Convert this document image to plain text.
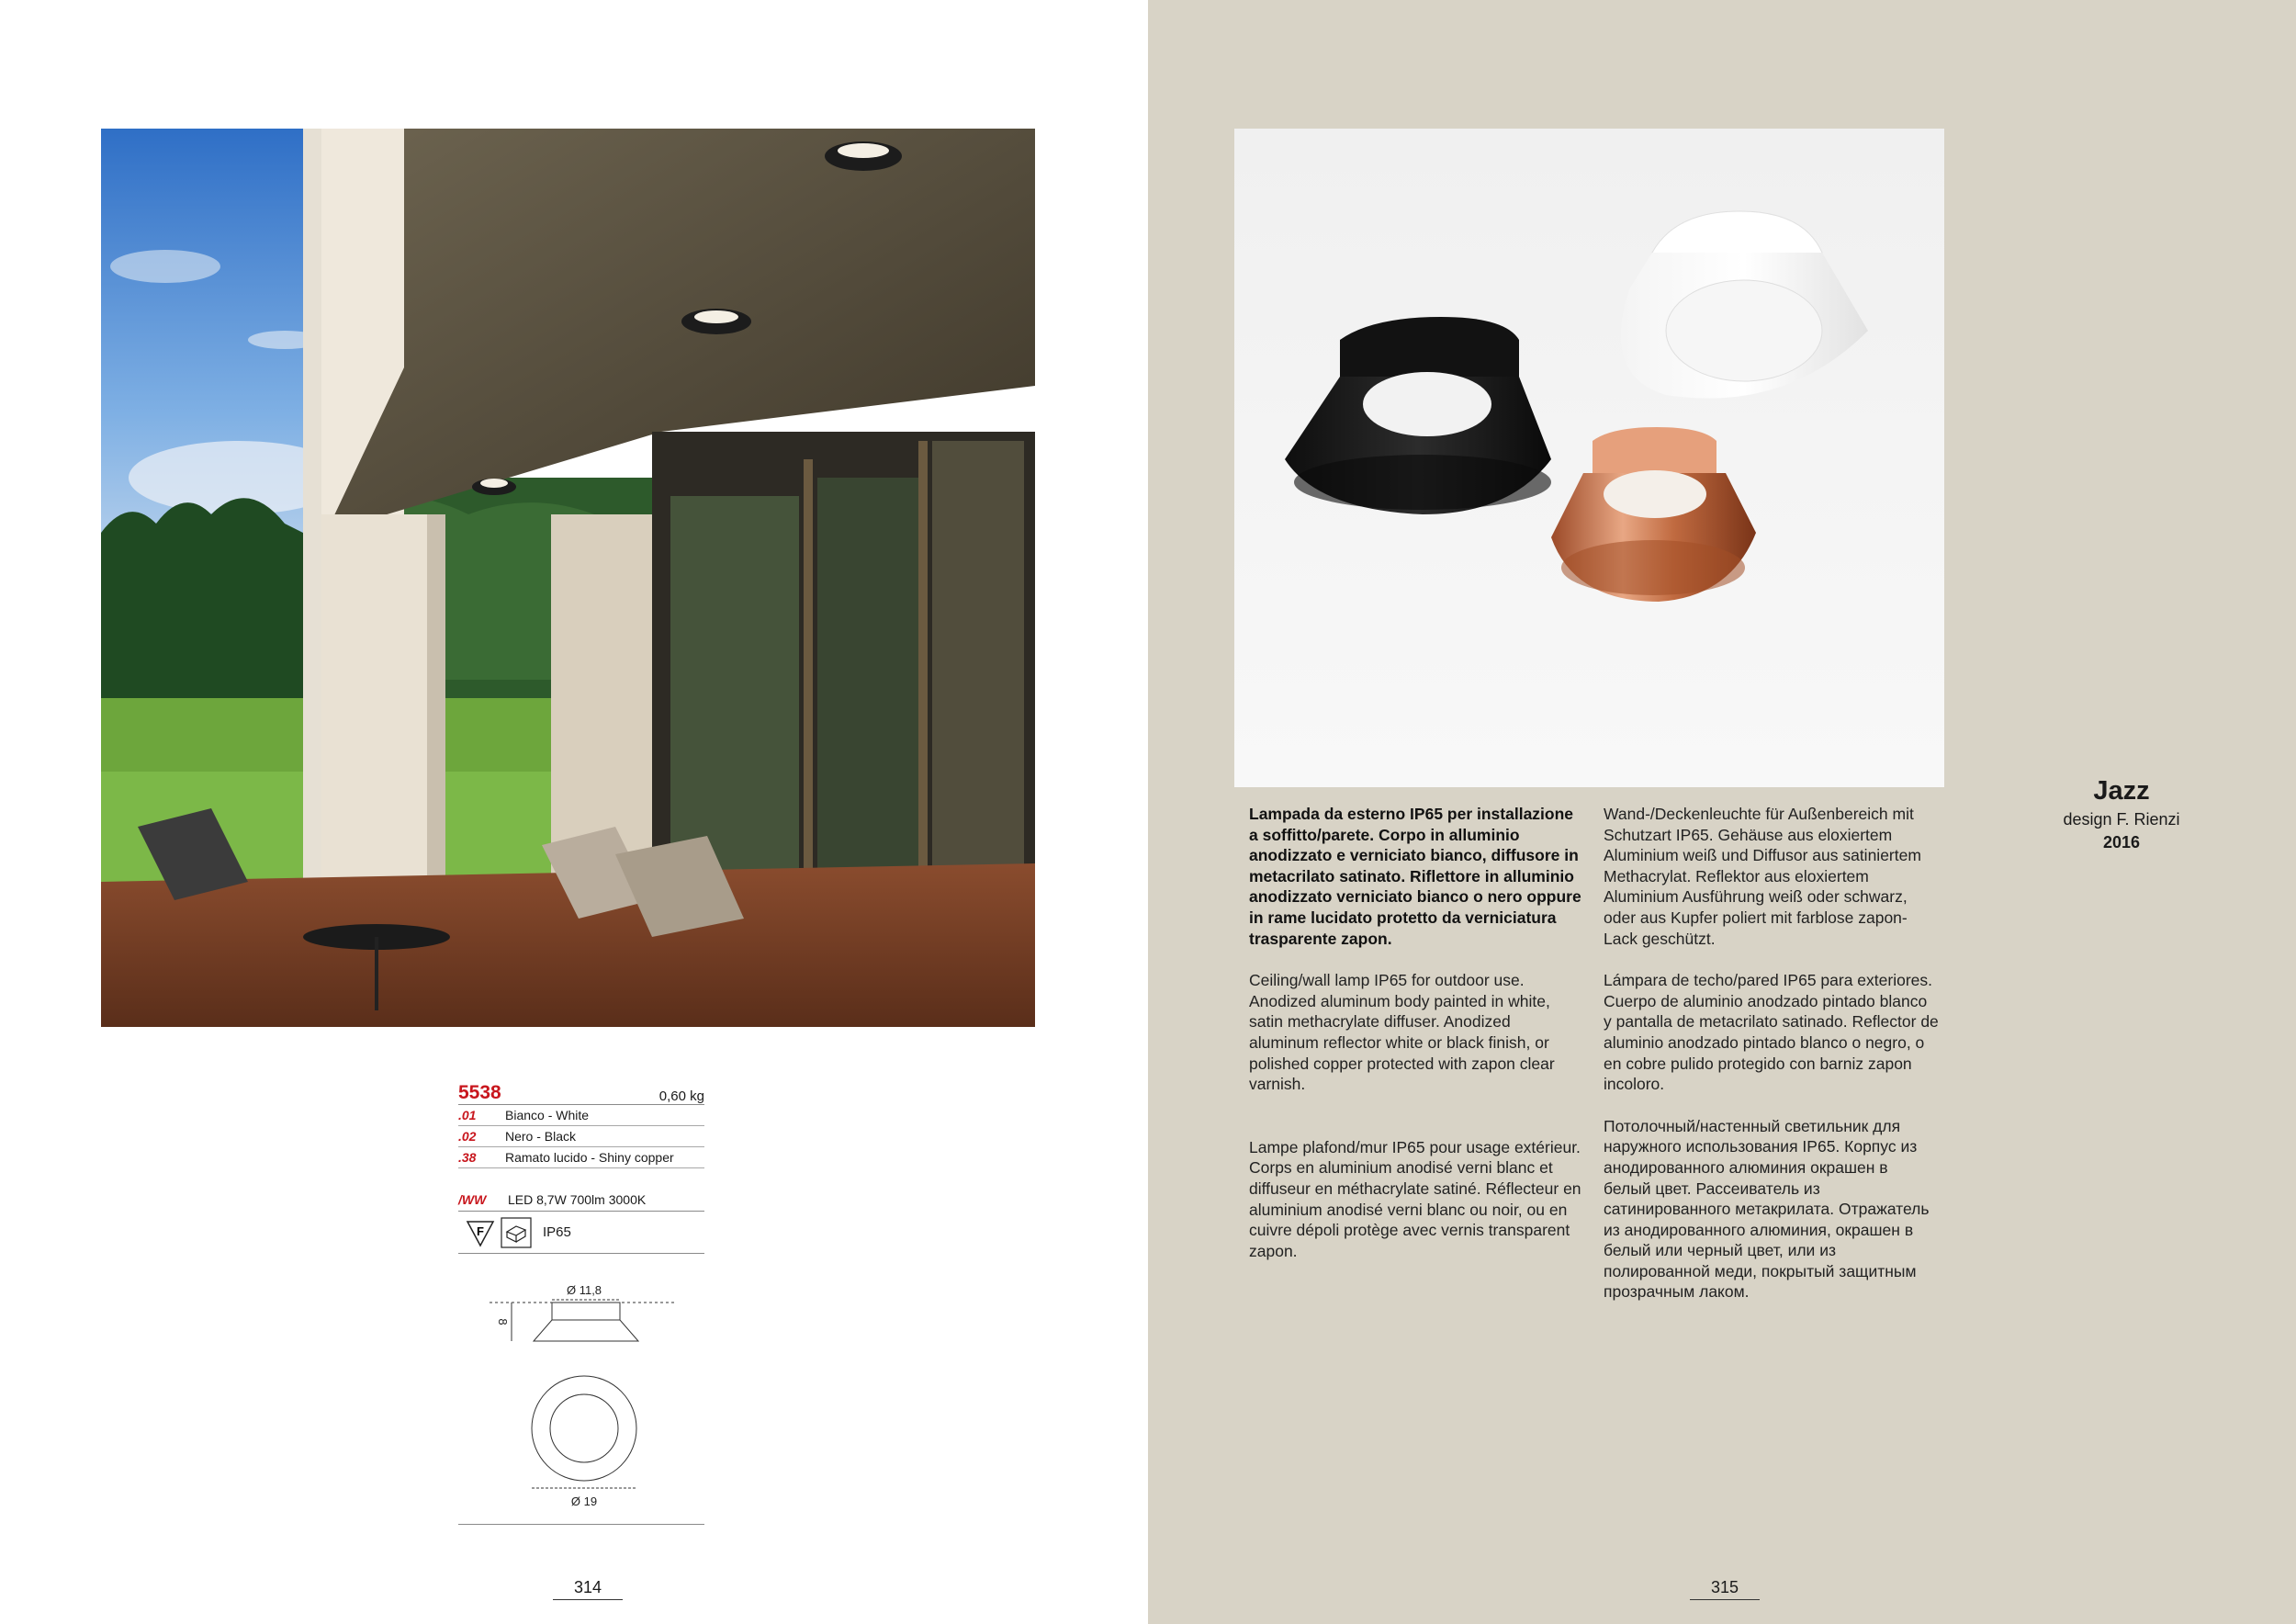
5538	0,60 kg
.01	Bianco - White
.02	Nero - Black
.38	Ramato lucido - Shiny copper
/WW	LED 8,7W 700lm 3000K
F	IP65
Ø 11,8
8
Ø 19
314

Lampada da esterno IP65 per installazione a soffitto/parete. Corpo in alluminio anodizzato e verniciato bianco, diffusore in metacrilato satinato. Riflettore in alluminio anodizzato verniciato bianco o nero oppure in rame lucidato protetto da verniciatura trasparente zapon.

Ceiling/wall lamp IP65 for outdoor use. Anodized aluminum body painted in white, satin methacrylate diffuser. Anodized aluminum reflector white or black finish, or polished copper protected with zapon clear varnish.

Lampe plafond/mur IP65 pour usage extérieur. Corps en aluminium anodisé verni blanc et diffuseur en méthacrylate satiné. Réflecteur en aluminium anodisé verni blanc ou noir, ou en cuivre dépoli protège avec vernis transparent zapon.

Wand-/Deckenleuchte für Außenbereich mit Schutzart IP65. Gehäuse aus eloxiertem Aluminium weiß und Diffusor aus satiniertem Methacrylat. Reflektor aus eloxiertem Aluminium Ausführung weiß oder schwarz, oder aus Kupfer poliert mit farblose zapon-Lack geschützt.

Lámpara de techo/pared IP65 para exteriores. Cuerpo de aluminio anodzado pintado blanco y pantalla de metacrilato satinado. Reflector de aluminio anodzado pintado blanco o negro, o en cobre pulido protegido con barniz zapon incoloro.

Потолочный/настенный светильник для наружного использования IP65. Корпус из анодированного алюминия окрашен в белый цвет. Рассеиватель из сатинированного метакрилата. Отражатель из анодированного алюминия, окрашен в белый или черный цвет, или из полированной меди, покрытый защитным прозрачным лаком.

Jazz
design F. Rienzi
2016
315
